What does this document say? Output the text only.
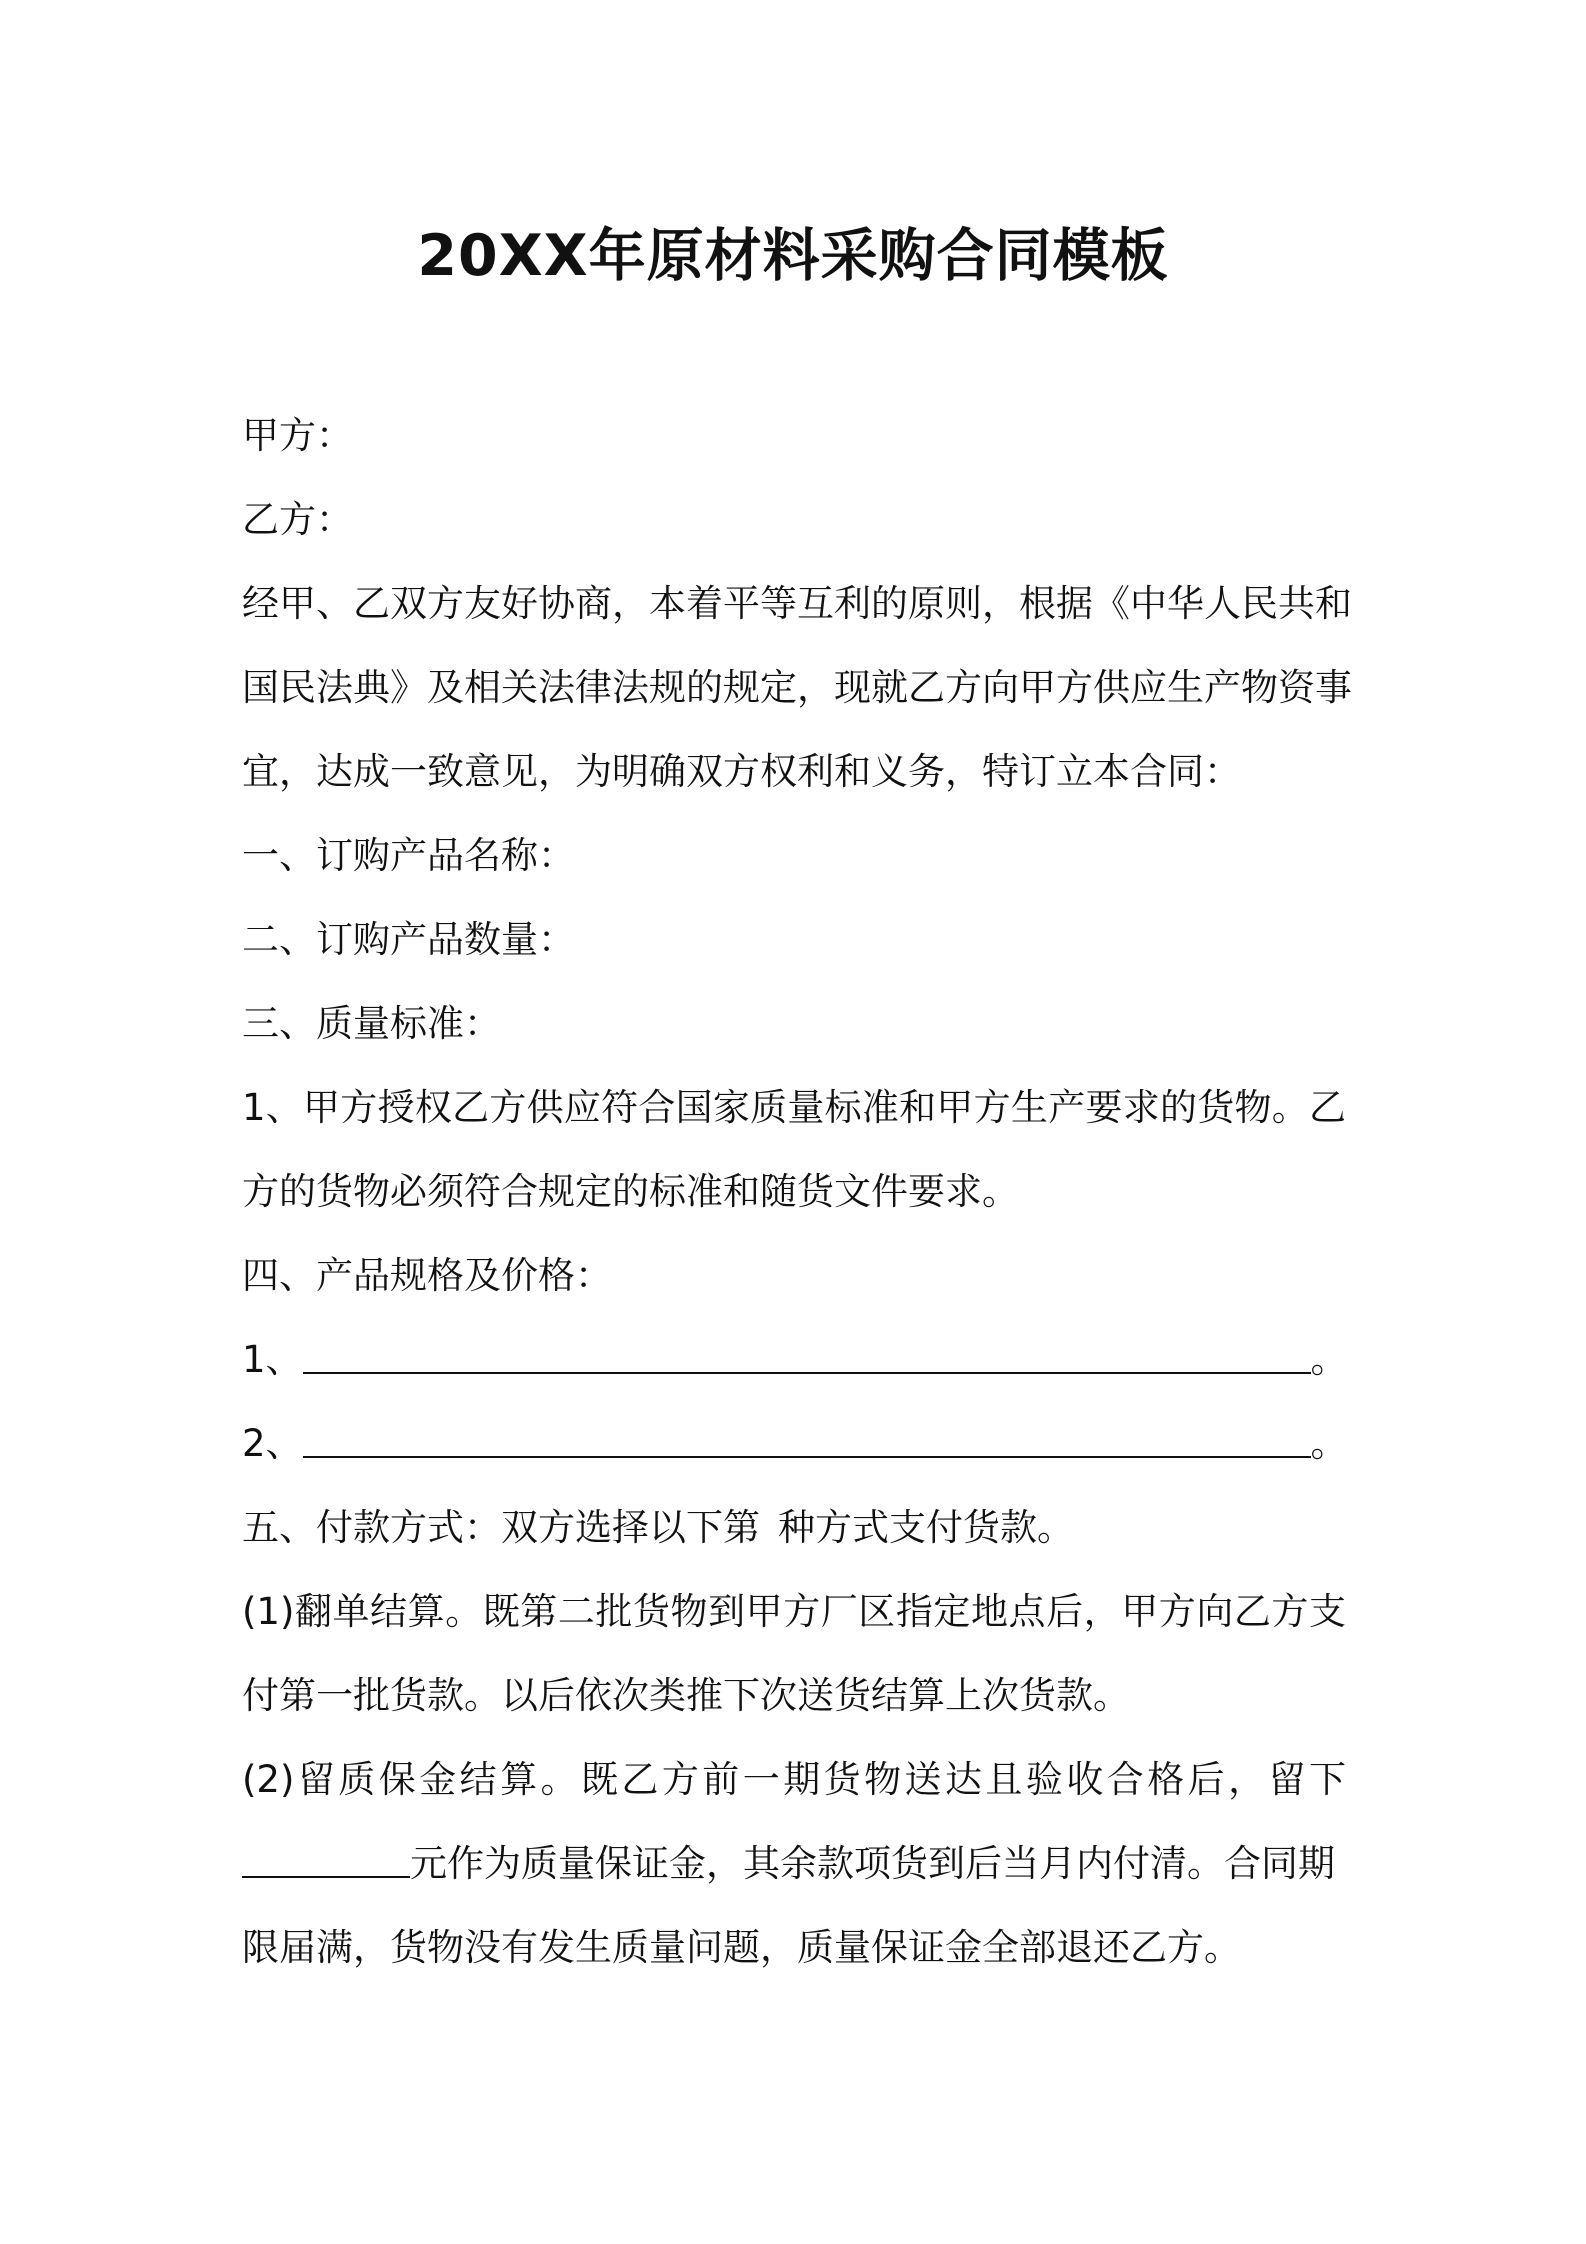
20XX年原材料采购合同模板
甲方：
乙方：
经甲、乙双方友好协商，本着平等互利的原则，根据《中华人民共和
国民法典》及相关法律法规的规定，现就乙方向甲方供应生产物资事
宜，达成一致意见，为明确双方权利和义务，特订立本合同：
一、订购产品名称：
二、订购产品数量：
三、质量标准：
1、甲方授权乙方供应符合国家质量标准和甲方生产要求的货物。乙
方的货物必须符合规定的标准和随货文件要求。
四、产品规格及价格：
1、	。
2、	。
五、付款方式：双方选择以下第 种方式支付货款。
(1)翻单结算。既第二批货物到甲方厂区指定地点后，甲方向乙方支
付第一批货款。以后依次类推下次送货结算上次货款。
(2)留质保金结算。既乙方前一期货物送达且验收合格后，留下
元作为质量保证金，其余款项货到后当月内付清。合同期
限届满，货物没有发生质量问题，质量保证金全部退还乙方。
